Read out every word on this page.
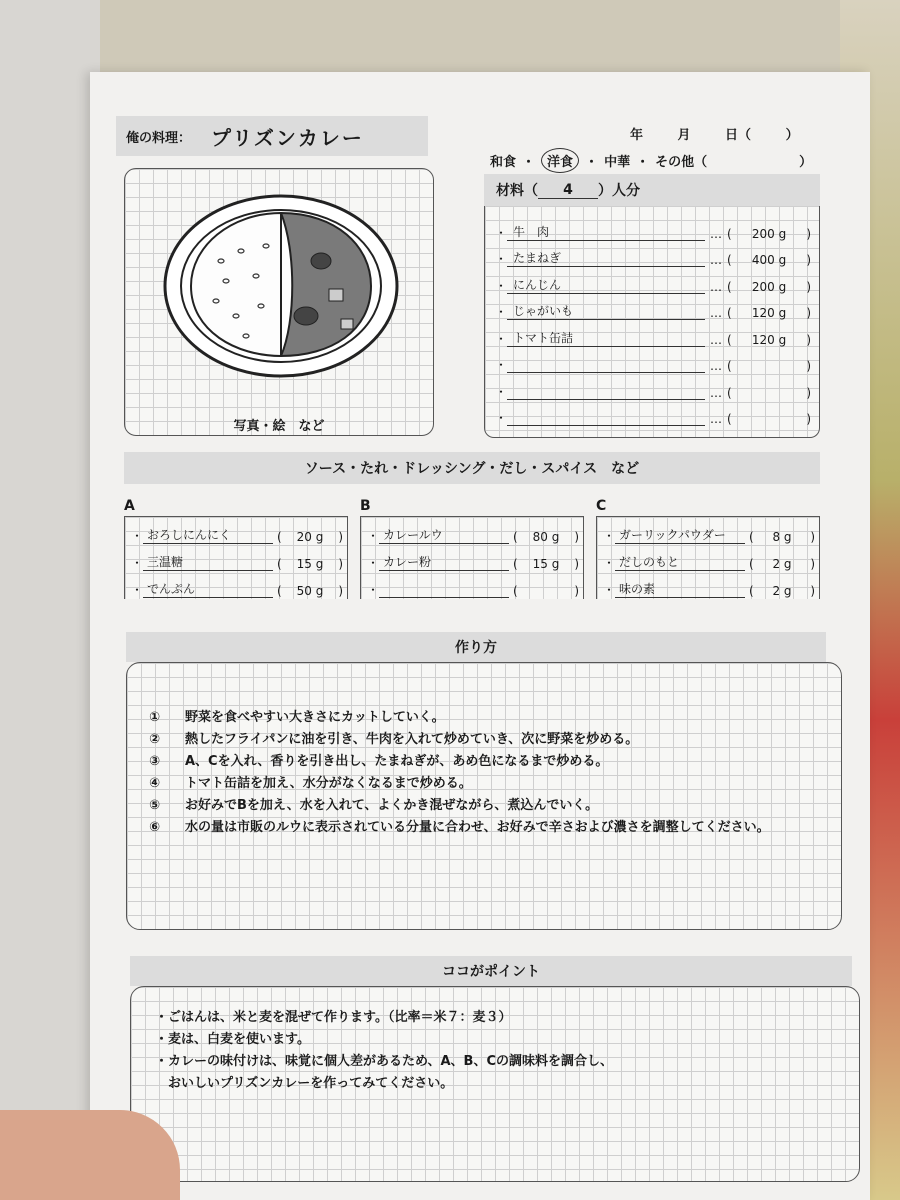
俺の料理： プリズンカレー	年 月 日（ ）
和食 ・ 洋食 ・ 中華 ・ その他（	）
写真・絵　など
材料（	4	）人分
・ 牛　肉	… ( 200 g )
・ たまねぎ	… ( 400 g )
・ にんじん	… ( 200 g )
・ じゃがいも	… ( 120 g )
・ トマト缶詰	… ( 120 g )
・	… (	)
・	… (	)
・	… (	)
ソース・たれ・ドレッシング・だし・スパイス　など
A
・ おろしにんにく	( 20 g )
・ 三温糖	( 15 g )
・ でんぷん	( 50 g )
B
・ カレールウ	( 80 g )
・ カレー粉	( 15 g )
・	(	)
C
・ ガーリックパウダー	( 8 g )
・ だしのもと	( 2 g )
・ 味の素	( 2 g )
作り方
①	野菜を食べやすい大きさにカットしていく。
②	熱したフライパンに油を引き、牛肉を入れて炒めていき、次に野菜を炒める。
③	A、Cを入れ、香りを引き出し、たまねぎが、あめ色になるまで炒める。
④	トマト缶詰を加え、水分がなくなるまで炒める。
⑤	お好みでBを加え、水を入れて、よくかき混ぜながら、煮込んでいく。
⑥	水の量は市販のルウに表示されている分量に合わせ、お好みで辛さおよび濃さを調整してください。
ココがポイント
・ごはんは、米と麦を混ぜて作ります。（比率＝米７：麦３）
・麦は、白麦を使います。
・カレーの味付けは、味覚に個人差があるため、A、B、Cの調味料を調合し、
　おいしいプリズンカレーを作ってみてください。
